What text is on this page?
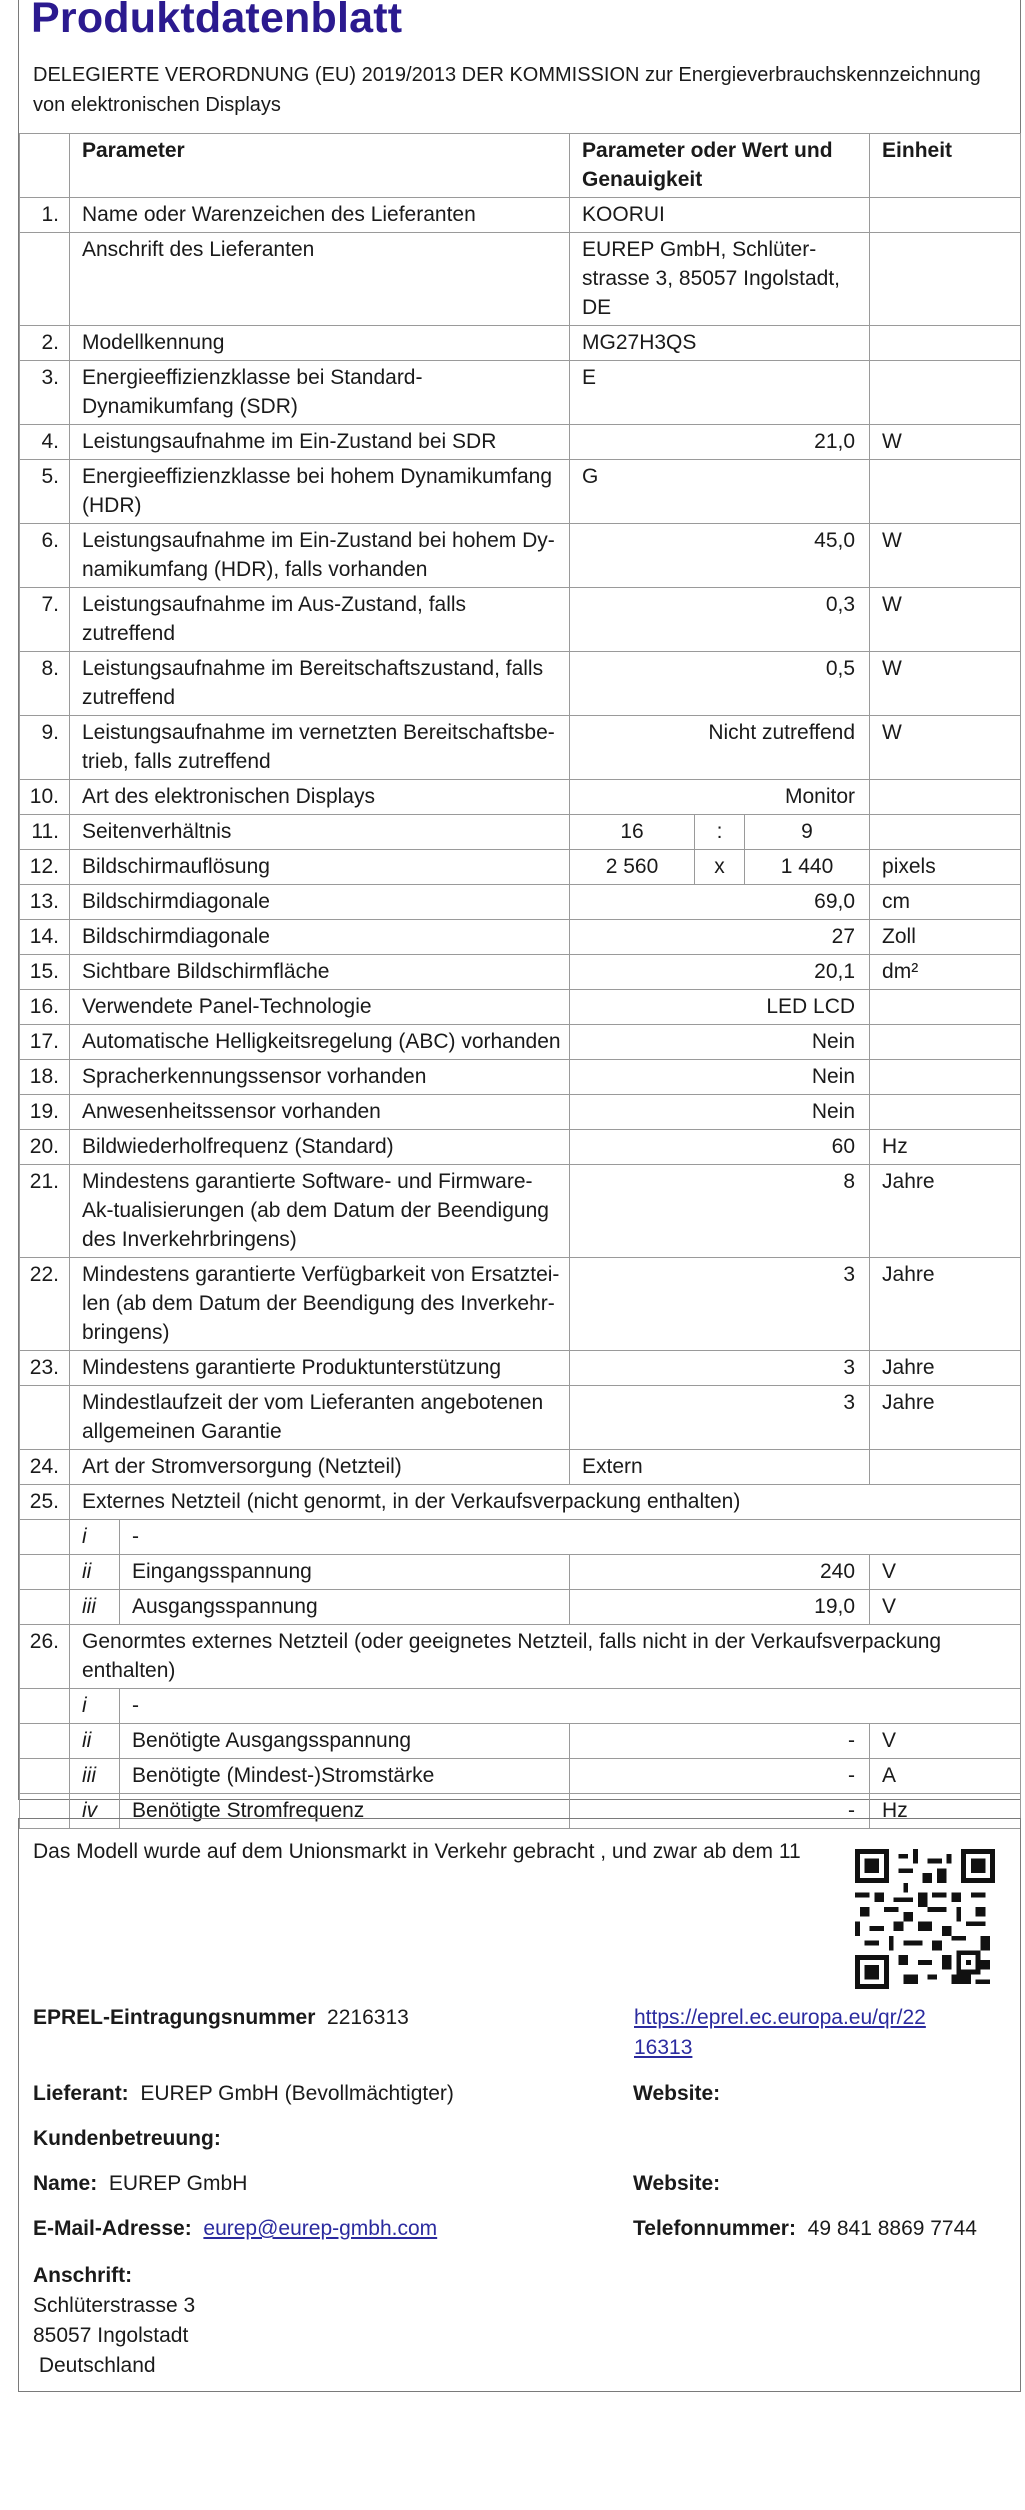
Produktdatenblatt
DELEGIERTE VERORDNUNG (EU) 2019/2013 DER KOMMISSION zur Energieverbrauchskennzeichnung von elektronischen Displays
	Parameter		Parameter oder Wert und Genauigkeit			Einheit
1.	Name oder Warenzeichen des Lieferanten		KOORUI			
	Anschrift des Lieferanten		EUREP GmbH, Schlüter-strasse 3, 85057 Ingolstadt, DE			
2.	Modellkennung		MG27H3QS			
3.	Energieeffizienzklasse bei Standard-Dynamikumfang (SDR)		E			
4.	Leistungsaufnahme im Ein-Zustand bei SDR		21,0			W
5.	Energieeffizienzklasse bei hohem Dynamikumfang (HDR)		G			
6.	Leistungsaufnahme im Ein-Zustand bei hohem Dy-namikumfang (HDR), falls vorhanden		45,0			W
7.	Leistungsaufnahme im Aus-Zustand, falls zutreffend		0,3			W
8.	Leistungsaufnahme im Bereitschaftszustand, falls zutreffend		0,5			W
9.	Leistungsaufnahme im vernetzten Bereitschaftsbe-trieb, falls zutreffend		Nicht zutreffend			W
10.	Art des elektronischen Displays		Monitor			
11.	Seitenverhältnis		16	:	9	
12.	Bildschirmauflösung		2 560	x	1 440	pixels
13.	Bildschirmdiagonale		69,0			cm
14.	Bildschirmdiagonale		27			Zoll
15.	Sichtbare Bildschirmfläche		20,1			dm²
16.	Verwendete Panel-Technologie		LED LCD			
17.	Automatische Helligkeitsregelung (ABC) vorhanden		Nein			
18.	Spracherkennungssensor vorhanden		Nein			
19.	Anwesenheitssensor vorhanden		Nein			
20.	Bildwiederholfrequenz (Standard)		60			Hz
21.	Mindestens garantierte Software- und Firmware-Ak-tualisierungen (ab dem Datum der Beendigung des Inverkehrbringens)		8			Jahre
22.	Mindestens garantierte Verfügbarkeit von Ersatztei-len (ab dem Datum der Beendigung des Inverkehr-bringens)		3			Jahre
23.	Mindestens garantierte Produktunterstützung		3			Jahre
	Mindestlaufzeit der vom Lieferanten angebotenen allgemeinen Garantie		3			Jahre
24.	Art der Stromversorgung (Netzteil)		Extern			
25.	Externes Netzteil (nicht genormt, in der Verkaufsverpackung enthalten)					
	i	-				
	ii	Eingangsspannung	240			V
	iii	Ausgangsspannung	19,0			V
26.	Genormtes externes Netzteil (oder geeignetes Netzteil, falls nicht in der Verkaufsverpackung enthalten)					
	i	-				
	ii	Benötigte Ausgangsspannung	-			V
	iii	Benötigte (Mindest-)Stromstärke	-			A
	iv	Benötigte Stromfrequenz	-			Hz
Das Modell wurde auf dem Unionsmarkt in Verkehr gebracht , und zwar ab dem 11
EPREL-Eintragungsnummer 2216313	https://eprel.ec.europa.eu/qr/22
16313
Lieferant: EUREP GmbH (Bevollmächtigter)	Website:
Kundenbetreuung:
Name: EUREP GmbH	Website:
E-Mail-Adresse: eurep@eurep-gmbh.com	Telefonnummer: 49 841 8869 7744
Anschrift:
Schlüterstrasse 3
85057 Ingolstadt
Deutschland
